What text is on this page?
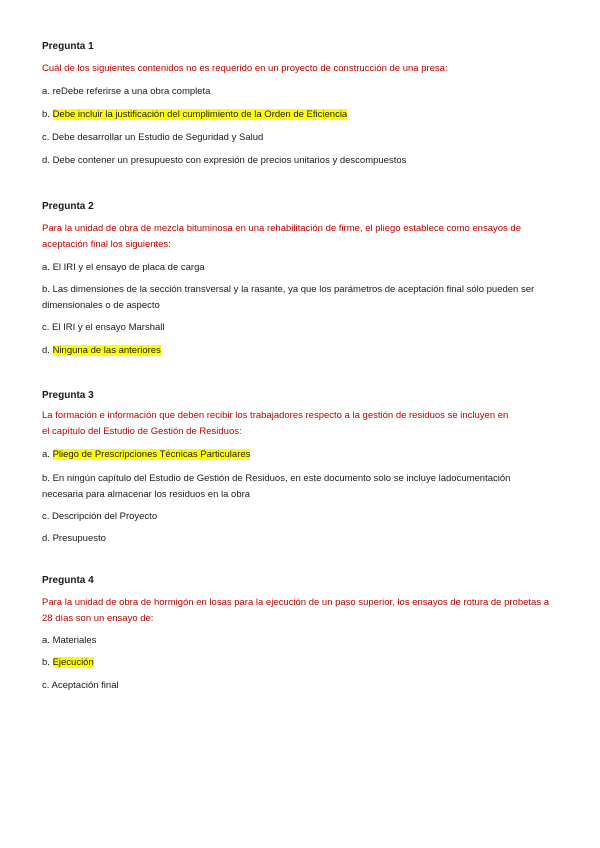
Pregunta 1

Cuál de los siguientes contenidos no es requerido en un proyecto de construcción de una presa:

a. reDebe referirse a una obra completa

b. Debe incluir la justificación del cumplimiento de la Orden de Eficiencia

c. Debe desarrollar un Estudio de Seguridad y Salud

d. Debe contener un presupuesto con expresión de precios unitarios y descompuestos

Pregunta 2

Para la unidad de obra de mezcla bituminosa en una rehabilitación de firme, el pliego establece como ensayos de aceptación final los siguientes:

a. El IRI y el ensayo de placa de carga

b. Las dimensiones de la sección transversal y la rasante, ya que los parámetros de aceptación final sólo pueden ser dimensionales o de aspecto

c. El IRI y el ensayo Marshall

d. Ninguna de las anteriores

Pregunta 3

La formación e información que deben recibir los trabajadores respecto a la gestión de residuos se incluyen en el capítulo del Estudio de Gestión de Residuos:

a. Pliego de Prescripciones Técnicas Particulares

b. En ningún capítulo del Estudio de Gestión de Residuos, en este documento solo se incluye ladocumentación necesaria para almacenar los residuos en la obra

c. Descripción del Proyecto

d. Presupuesto

Pregunta 4

Para la unidad de obra de hormigón en losas para la ejecución de un paso superior, los ensayos de rotura de probetas a 28 días son un ensayo de:

a. Materiales

b. Ejecución

c. Aceptación final
